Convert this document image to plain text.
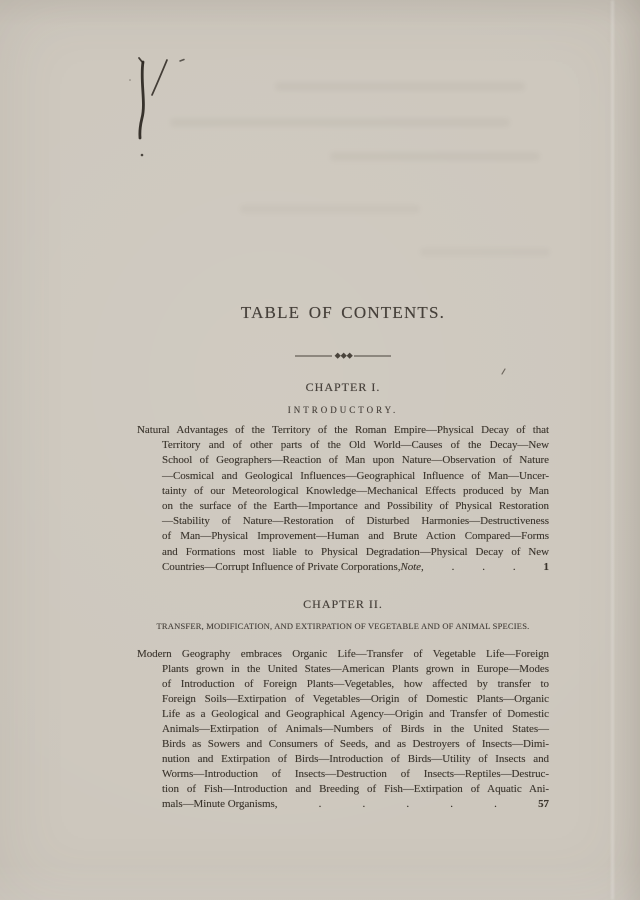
TABLE OF CONTENTS.
CHAPTER I.
INTRODUCTORY.
Natural Advantages of the Territory of the Roman Empire—Physical Decay of that
Territory and of other parts of the Old World—Causes of the Decay—New
School of Geographers—Reaction of Man upon Nature—Observation of Nature
—Cosmical and Geological Influences—Geographical Influence of Man—Uncer-
tainty of our Meteorological Knowledge—Mechanical Effects produced by Man
on the surface of the Earth—Importance and Possibility of Physical Restoration
—Stability of Nature—Restoration of Disturbed Harmonies—Destructiveness
of Man—Physical Improvement—Human and Brute Action Compared—Forms
and Formations most liable to Physical Degradation—Physical Decay of New
Countries—Corrupt Influence of Private Corporations, Note,	.	.	.	1
CHAPTER II.
TRANSFER, MODIFICATION, AND EXTIRPATION OF VEGETABLE AND OF ANIMAL SPECIES.
Modern Geography embraces Organic Life—Transfer of Vegetable Life—Foreign
Plants grown in the United States—American Plants grown in Europe—Modes
of Introduction of Foreign Plants—Vegetables, how affected by transfer to
Foreign Soils—Extirpation of Vegetables—Origin of Domestic Plants—Organic
Life as a Geological and Geographical Agency—Origin and Transfer of Domestic
Animals—Extirpation of Animals—Numbers of Birds in the United States—
Birds as Sowers and Consumers of Seeds, and as Destroyers of Insects—Dimi-
nution and Extirpation of Birds—Introduction of Birds—Utility of Insects and
Worms—Introduction of Insects—Destruction of Insects—Reptiles—Destruc-
tion of Fish—Introduction and Breeding of Fish—Extirpation of Aquatic Ani-
mals—Minute Organisms,	.	.	.	.	.	57
